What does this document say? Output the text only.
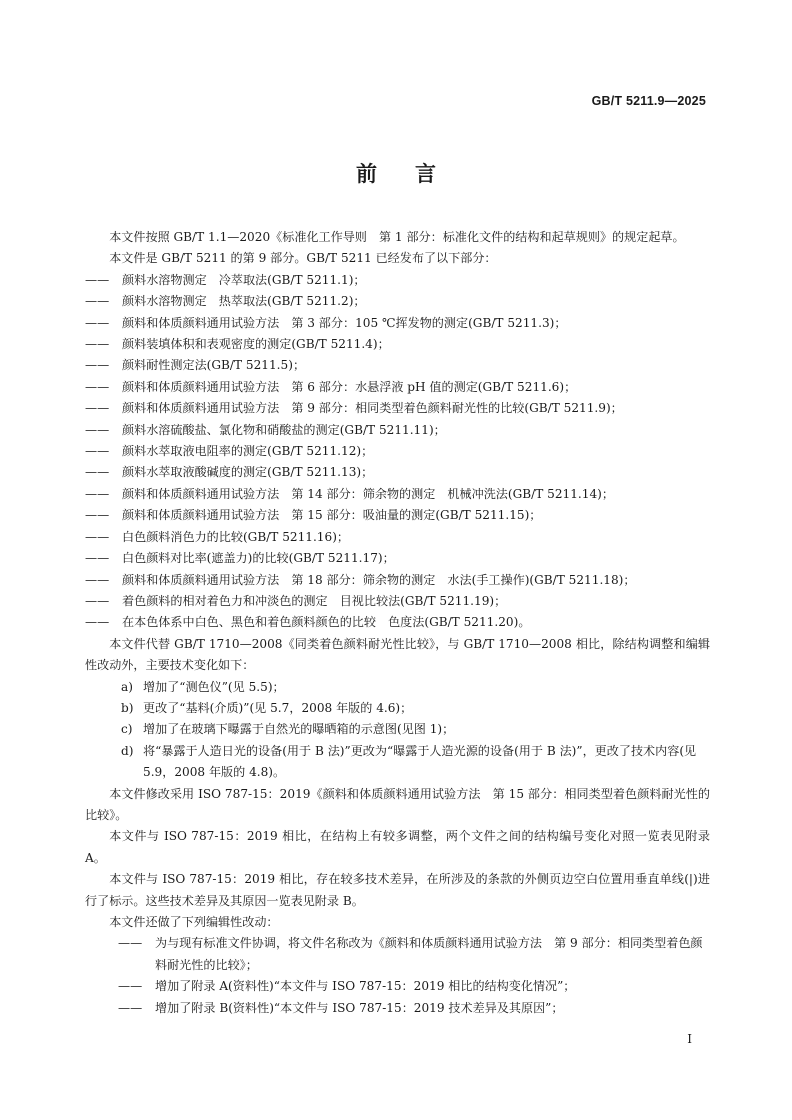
GB/T 5211.9—2025
前言

本文件按照 GB/T 1.1—2020《标准化工作导则　第 1 部分：标准化文件的结构和起草规则》的规定起草。

本文件是 GB/T 5211 的第 9 部分。GB/T 5211 已经发布了以下部分：

—— 颜料水溶物测定　冷萃取法(GB/T 5211.1)；

—— 颜料水溶物测定　热萃取法(GB/T 5211.2)；

—— 颜料和体质颜料通用试验方法　第 3 部分：105 ℃挥发物的测定(GB/T 5211.3)；

—— 颜料装填体积和表观密度的测定(GB/T 5211.4)；

—— 颜料耐性测定法(GB/T 5211.5)；

—— 颜料和体质颜料通用试验方法　第 6 部分：水悬浮液 pH 值的测定(GB/T 5211.6)；

—— 颜料和体质颜料通用试验方法　第 9 部分：相同类型着色颜料耐光性的比较(GB/T 5211.9)；

—— 颜料水溶硫酸盐、氯化物和硝酸盐的测定(GB/T 5211.11)；

—— 颜料水萃取液电阻率的测定(GB/T 5211.12)；

—— 颜料水萃取液酸碱度的测定(GB/T 5211.13)；

—— 颜料和体质颜料通用试验方法　第 14 部分：筛余物的测定　机械冲洗法(GB/T 5211.14)；

—— 颜料和体质颜料通用试验方法　第 15 部分：吸油量的测定(GB/T 5211.15)；

—— 白色颜料消色力的比较(GB/T 5211.16)；

—— 白色颜料对比率(遮盖力)的比较(GB/T 5211.17)；

—— 颜料和体质颜料通用试验方法　第 18 部分：筛余物的测定　水法(手工操作)(GB/T 5211.18)；

—— 着色颜料的相对着色力和冲淡色的测定　目视比较法(GB/T 5211.19)；

—— 在本色体系中白色、黑色和着色颜料颜色的比较　色度法(GB/T 5211.20)。

本文件代替 GB/T 1710—2008《同类着色颜料耐光性比较》，与 GB/T 1710—2008 相比，除结构调整和编辑性改动外，主要技术变化如下：

a) 增加了“测色仪”(见 5.5)；

b) 更改了“基料(介质)”(见 5.7，2008 年版的 4.6)；

c) 增加了在玻璃下曝露于自然光的曝晒箱的示意图(见图 1)；

d) 将“暴露于人造日光的设备(用于 B 法)”更改为“曝露于人造光源的设备(用于 B 法)”，更改了技术内容(见 5.9，2008 年版的 4.8)。

本文件修改采用 ISO 787-15：2019《颜料和体质颜料通用试验方法　第 15 部分：相同类型着色颜料耐光性的比较》。

本文件与 ISO 787-15：2019 相比，在结构上有较多调整，两个文件之间的结构编号变化对照一览表见附录 A。

本文件与 ISO 787-15：2019 相比，存在较多技术差异，在所涉及的条款的外侧页边空白位置用垂直单线(|)进行了标示。这些技术差异及其原因一览表见附录 B。

本文件还做了下列编辑性改动：

—— 为与现有标准文件协调，将文件名称改为《颜料和体质颜料通用试验方法　第 9 部分：相同类型着色颜料耐光性的比较》；

—— 增加了附录 A(资料性)“本文件与 ISO 787-15：2019 相比的结构变化情况”；

—— 增加了附录 B(资料性)“本文件与 ISO 787-15：2019 技术差异及其原因”；

I
